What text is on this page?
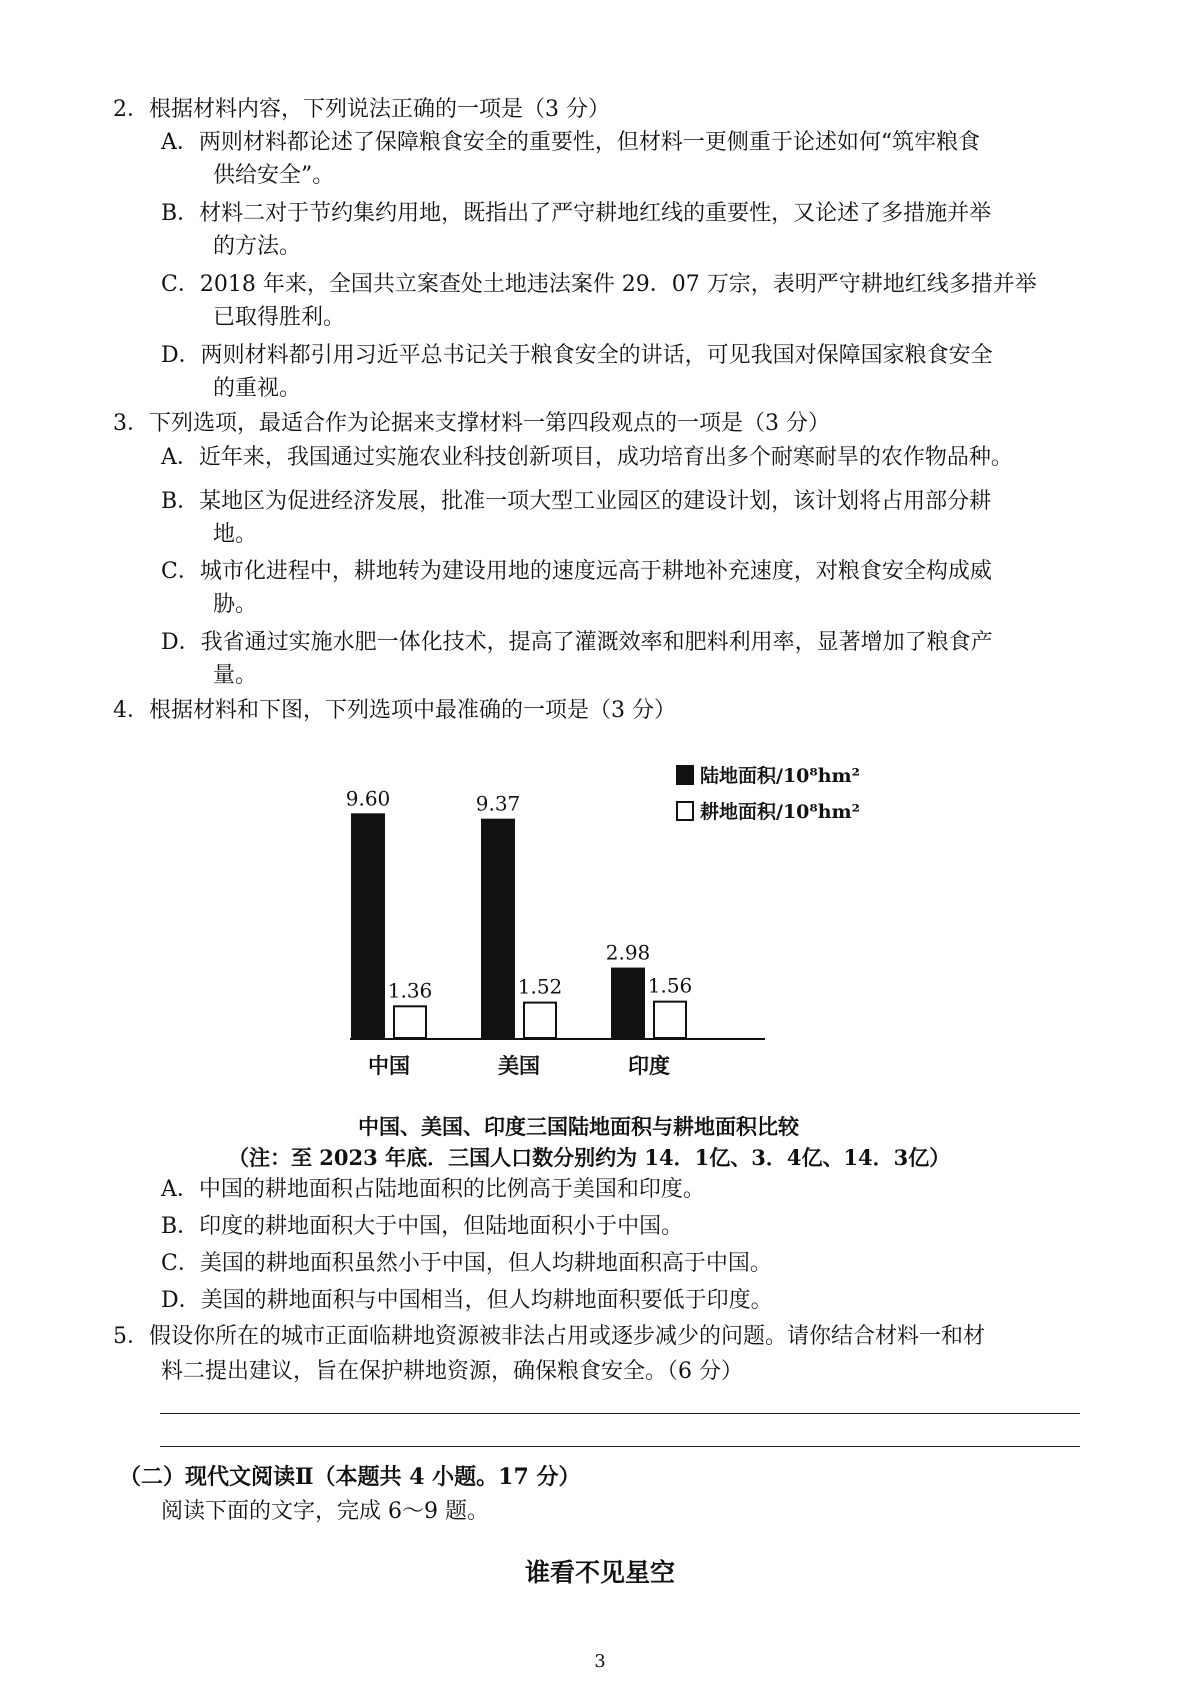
2．根据材料内容，下列说法正确的一项是（3 分）
A．两则材料都论述了保障粮食安全的重要性，但材料一更侧重于论述如何“筑牢粮食
供给安全”。
B．材料二对于节约集约用地，既指出了严守耕地红线的重要性，又论述了多措施并举
的方法。
C．2018 年来，全国共立案查处土地违法案件 29．07 万宗，表明严守耕地红线多措并举
已取得胜利。
D．两则材料都引用习近平总书记关于粮食安全的讲话，可见我国对保障国家粮食安全
的重视。
3．下列选项，最适合作为论据来支撑材料一第四段观点的一项是（3 分）
A．近年来，我国通过实施农业科技创新项目，成功培育出多个耐寒耐旱的农作物品种。
B．某地区为促进经济发展，批准一项大型工业园区的建设计划，该计划将占用部分耕
地。
C．城市化进程中，耕地转为建设用地的速度远高于耕地补充速度，对粮食安全构成威
胁。
D．我省通过实施水肥一体化技术，提高了灌溉效率和肥料利用率，显著增加了粮食产
量。
4．根据材料和下图，下列选项中最准确的一项是（3 分）
9.60
1.36
中国
9.37
1.52
美国
2.98
1.56
印度
陆地面积/10⁸hm²
耕地面积/10⁸hm²
中国、美国、印度三国陆地面积与耕地面积比较
（注：至 2023 年底．三国人口数分别约为 14．1亿、3．4亿、14．3亿）
A．中国的耕地面积占陆地面积的比例高于美国和印度。
B．印度的耕地面积大于中国，但陆地面积小于中国。
C．美国的耕地面积虽然小于中国，但人均耕地面积高于中国。
D．美国的耕地面积与中国相当，但人均耕地面积要低于印度。
5．假设你所在的城市正面临耕地资源被非法占用或逐步减少的问题。请你结合材料一和材
料二提出建议，旨在保护耕地资源，确保粮食安全。（6 分）
（二）现代文阅读Ⅱ（本题共 4 小题。17 分）
阅读下面的文字，完成 6～9 题。
谁看不见星空
3
